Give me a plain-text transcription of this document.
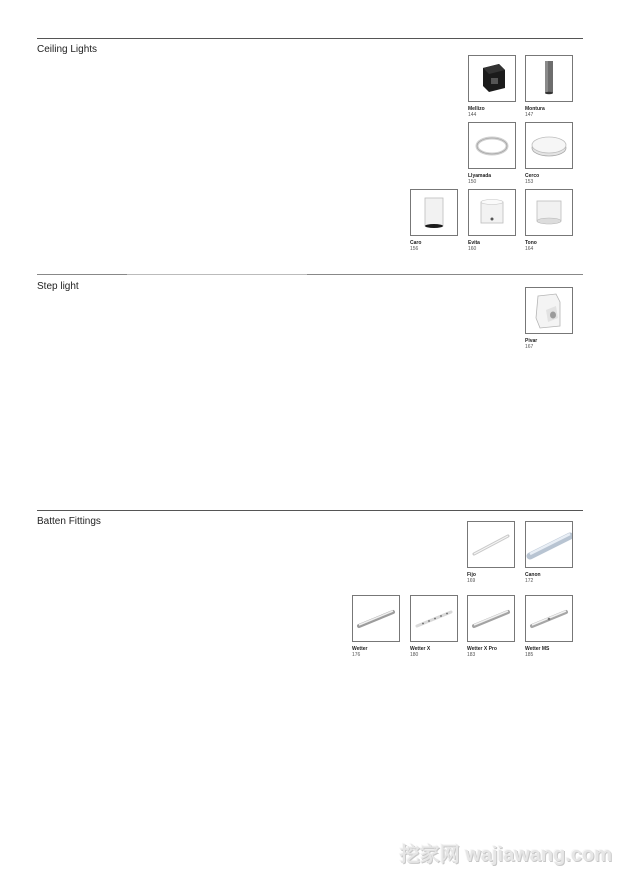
Ceiling Lights
Mellizo
144
Montura
147
Llyamada
150
Cerco
153
Caro
156
Evita
160
Tono
164
Step light
Pivar
167
Batten Fittings
Fijo
169
Canon
172
Wetter
176
Wetter X
180
Wetter X Pro
183
Wetter MS
185
挖家网 wajiawang.com
